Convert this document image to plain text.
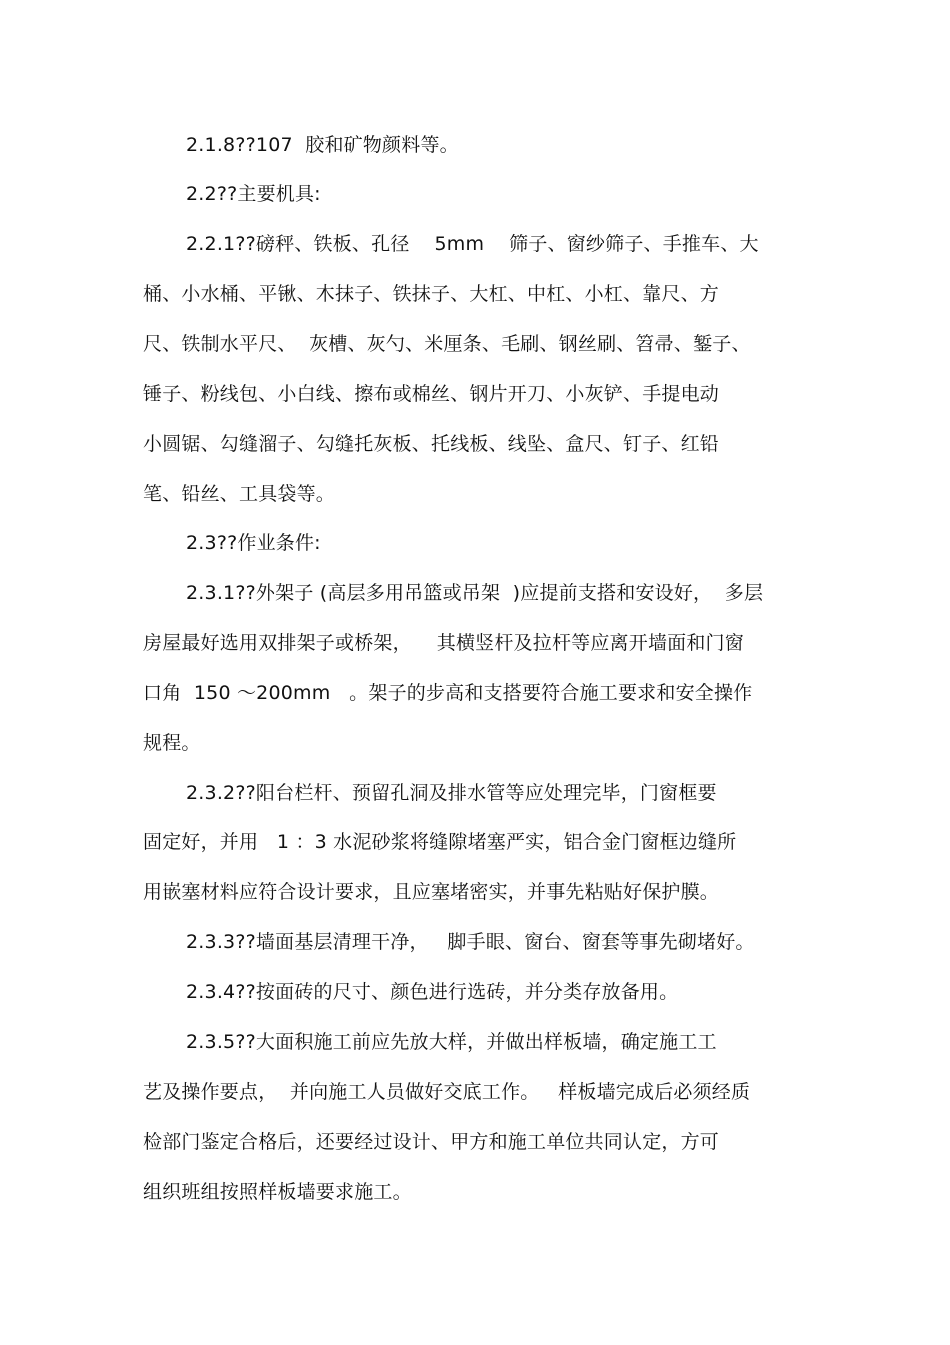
2.1.8??107  胶和矿物颜料等。
2.2??主要机具:
2.2.1??磅秤、铁板、孔径    5mm    筛子、窗纱筛子、手推车、大
桶、小水桶、平锹、木抹子、铁抹子、大杠、中杠、小杠、靠尺、方
尺、铁制水平尺、  灰槽、灰勺、米厘条、毛刷、钢丝刷、笤帚、錾子、
锤子、粉线包、小白线、擦布或棉丝、钢片开刀、小灰铲、手提电动
小圆锯、勾缝溜子、勾缝托灰板、托线板、线坠、盒尺、钉子、红铅
笔、铅丝、工具袋等。
2.3??作业条件:
2.3.1??外架子 (高层多用吊篮或吊架  )应提前支搭和安设好，  多层
房屋最好选用双排架子或桥架，    其横竖杆及拉杆等应离开墙面和门窗
口角  150 ～200mm   。架子的步高和支搭要符合施工要求和安全操作
规程。
2.3.2??阳台栏杆、预留孔洞及排水管等应处理完毕，门窗框要
固定好，并用   1 ：3 水泥砂浆将缝隙堵塞严实，铝合金门窗框边缝所
用嵌塞材料应符合设计要求，且应塞堵密实，并事先粘贴好保护膜。
2.3.3??墙面基层清理干净，   脚手眼、窗台、窗套等事先砌堵好。
2.3.4??按面砖的尺寸、颜色进行选砖，并分类存放备用。
2.3.5??大面积施工前应先放大样，并做出样板墙，确定施工工
艺及操作要点，  并向施工人员做好交底工作。   样板墙完成后必须经质
检部门鉴定合格后，还要经过设计、甲方和施工单位共同认定，方可
组织班组按照样板墙要求施工。
